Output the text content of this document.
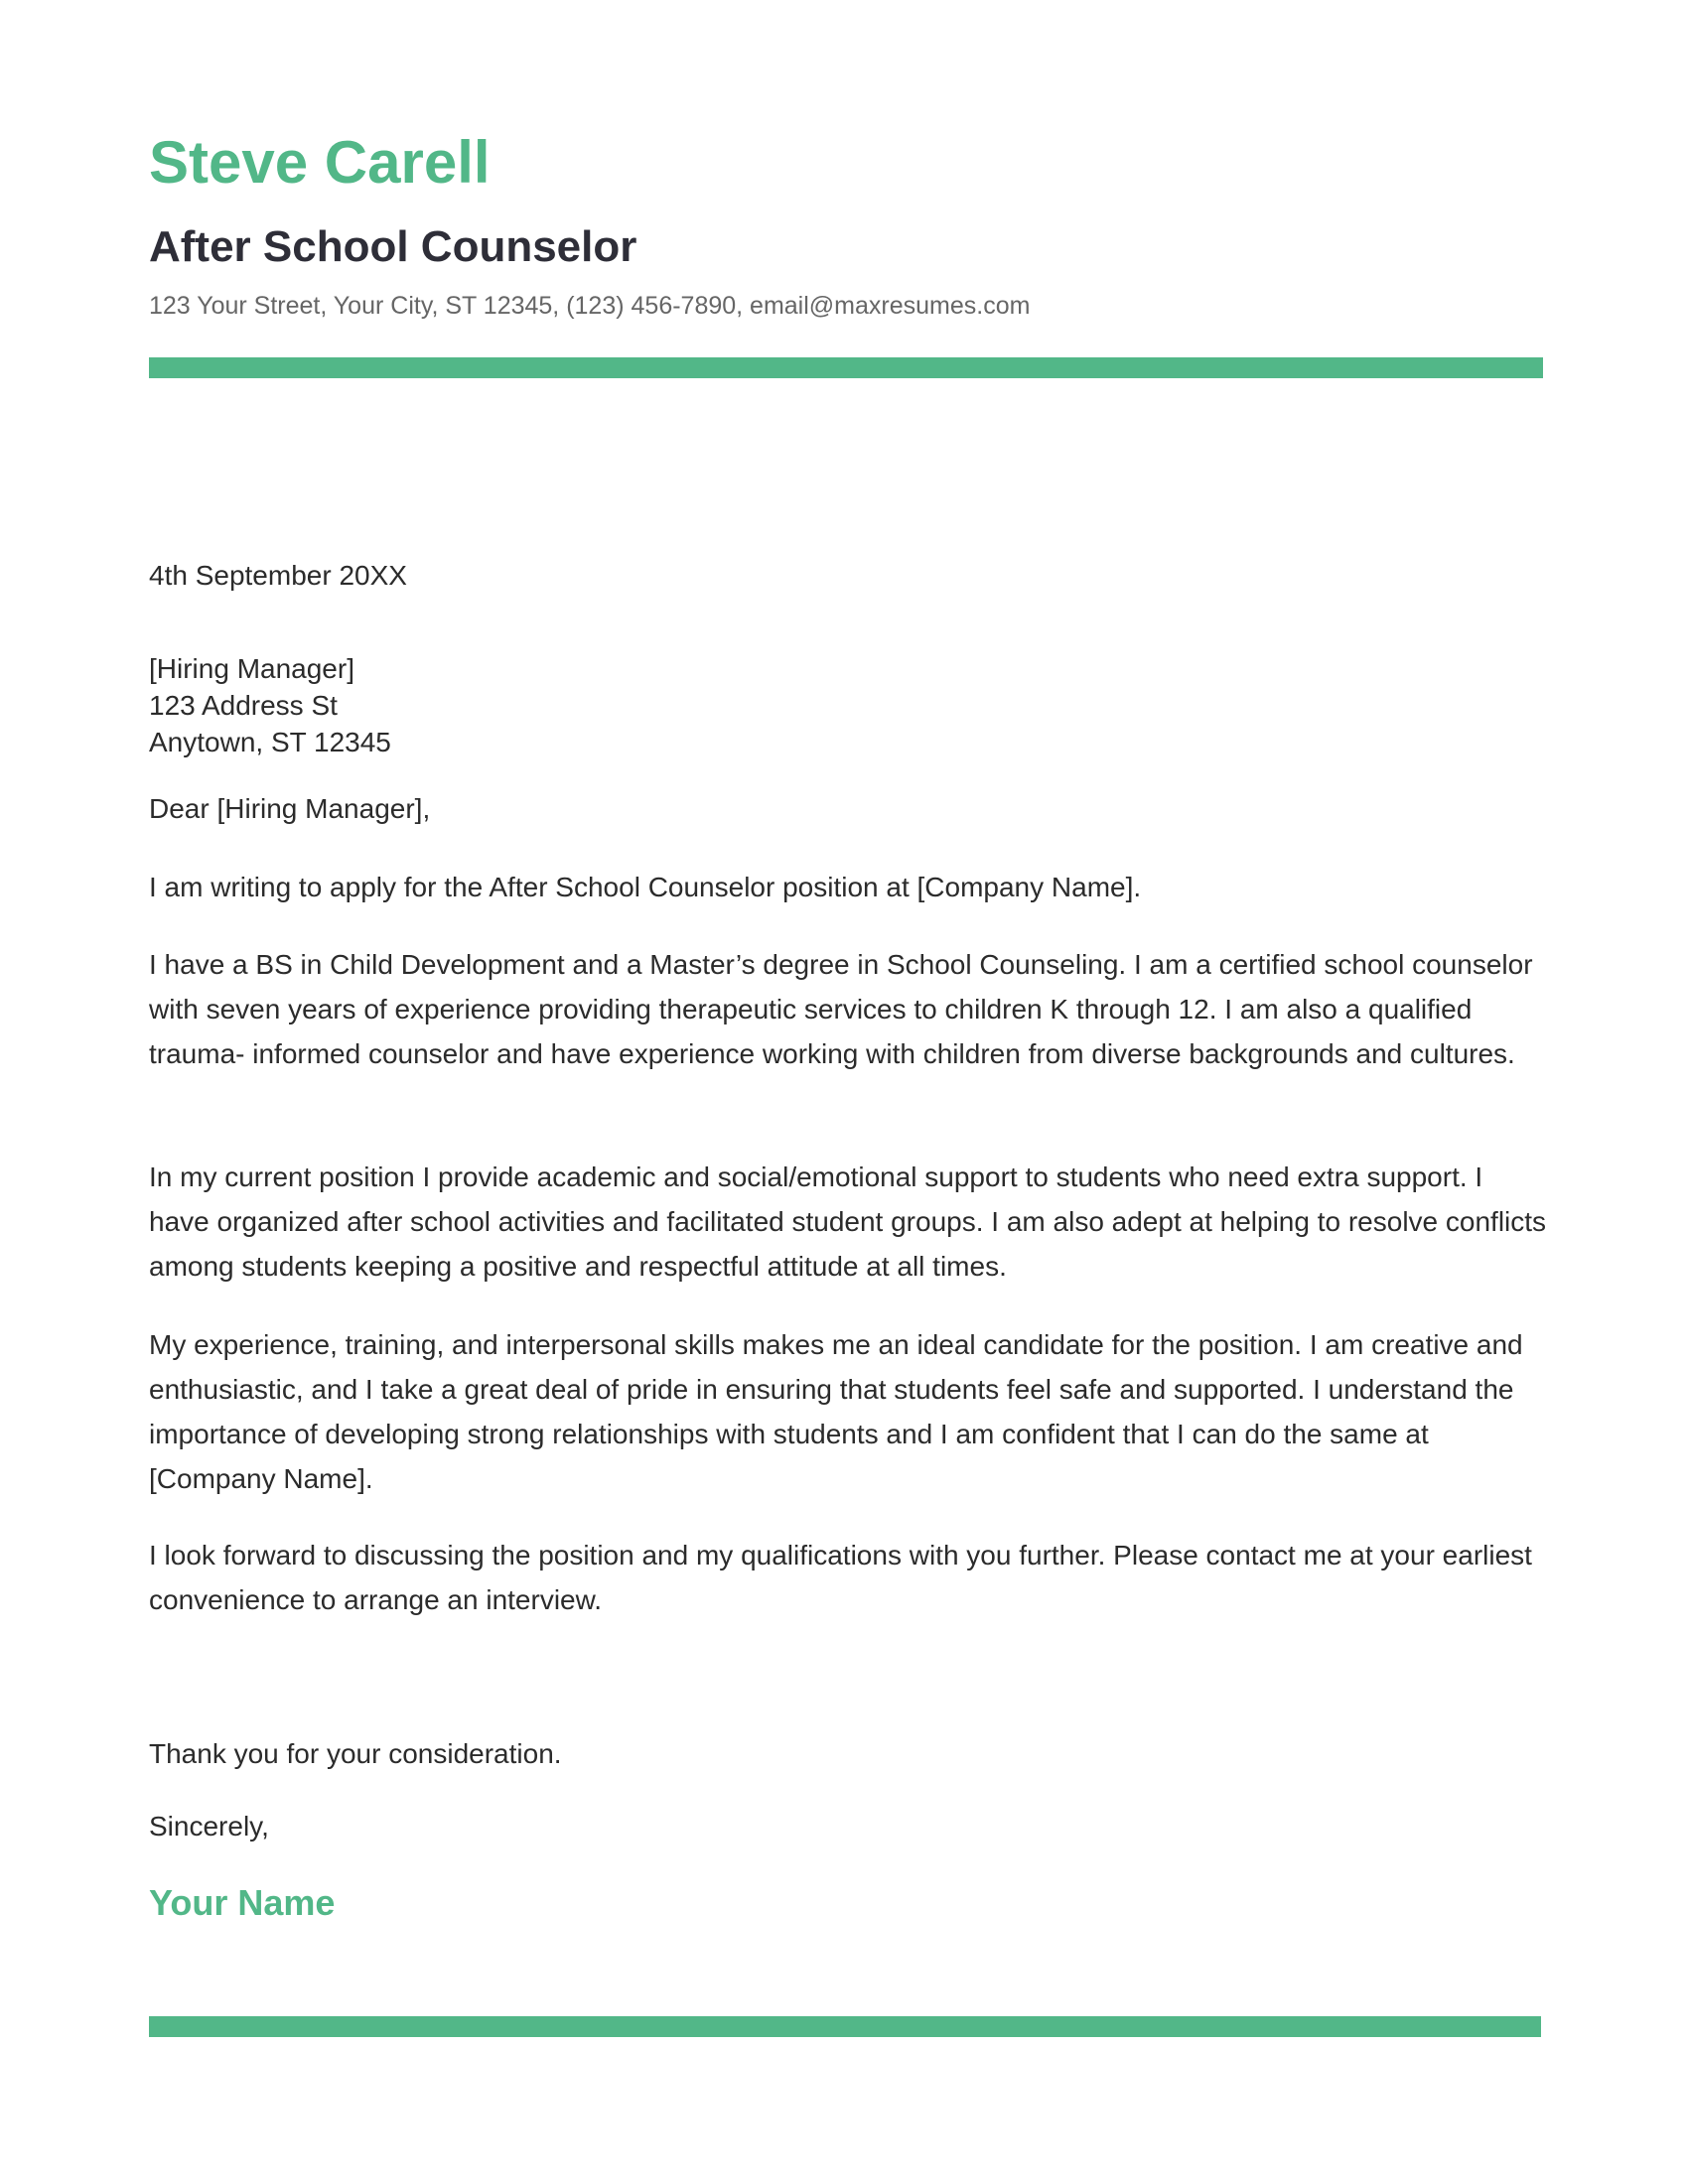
Steve Carell
After School Counselor
123 Your Street, Your City, ST 12345, (123) 456-7890, email@maxresumes.com
4th September 20XX
[Hiring Manager]
123 Address St
Anytown, ST 12345
Dear [Hiring Manager],

I am writing to apply for the After School Counselor position at [Company Name].

I have a BS in Child Development and a Master’s degree in School Counseling. I am a certified school counselor with seven years of experience providing therapeutic services to children K through 12. I am also a qualified trauma- informed counselor and have experience working with children from diverse backgrounds and cultures.

In my current position I provide academic and social/emotional support to students who need extra support. I have organized after school activities and facilitated student groups. I am also adept at helping to resolve conflicts among students keeping a positive and respectful attitude at all times.

My experience, training, and interpersonal skills makes me an ideal candidate for the position. I am creative and enthusiastic, and I take a great deal of pride in ensuring that students feel safe and supported. I understand the importance of developing strong relationships with students and I am confident that I can do the same at [Company Name].

I look forward to discussing the position and my qualifications with you further. Please contact me at your earliest convenience to arrange an interview.

Thank you for your consideration.
Sincerely,
Your Name
